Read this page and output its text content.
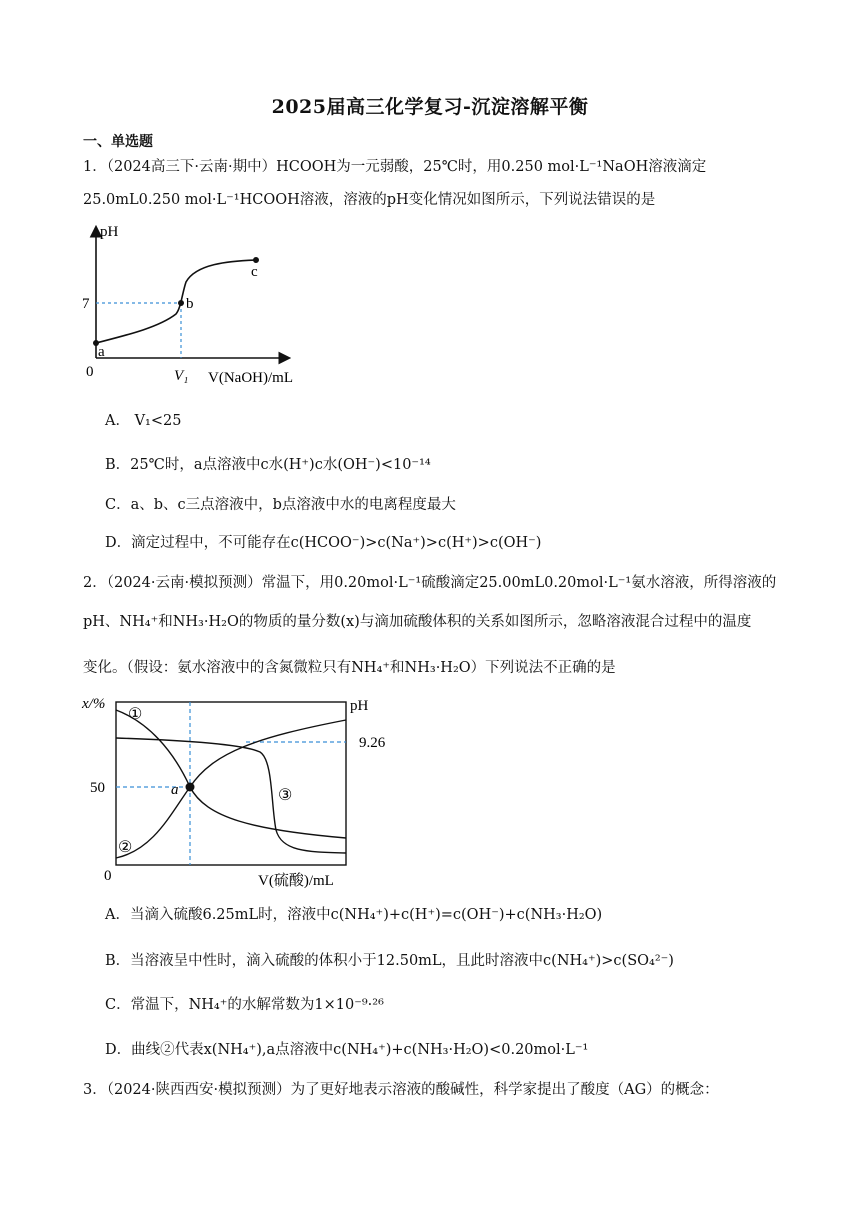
2025届高三化学复习-沉淀溶解平衡
一、单选题
1．（2024高三下·云南·期中）HCOOH为一元弱酸，25℃时，用0.250 mol·L⁻¹NaOH溶液滴定
25.0mL0.250 mol·L⁻¹HCOOH溶液，溶液的pH变化情况如图所示，下列说法错误的是
pH
7
0	V₁ V(NaOH)/mL
a
b
c
A． V₁<25
B．25℃时，a点溶液中c水(H⁺)c水(OH⁻)<10⁻¹⁴
C．a、b、c三点溶液中，b点溶液中水的电离程度最大
D．滴定过程中，不可能存在c(HCOO⁻)>c(Na⁺)>c(H⁺)>c(OH⁻)
2．（2024·云南·模拟预测）常温下，用0.20mol·L⁻¹硫酸滴定25.00mL0.20mol·L⁻¹氨水溶液，所得溶液的
pH、NH₄⁺和NH₃·H₂O的物质的量分数(x)与滴加硫酸体积的关系如图所示，忽略溶液混合过程中的温度
变化。（假设：氨水溶液中的含氮微粒只有NH₄⁺和NH₃·H₂O）下列说法不正确的是
x/%	pH
50
9.26
0	V(硫酸)/mL
a
①
②
③
A．当滴入硫酸6.25mL时，溶液中c(NH₄⁺)+c(H⁺)=c(OH⁻)+c(NH₃·H₂O)
B．当溶液呈中性时，滴入硫酸的体积小于12.50mL，且此时溶液中c(NH₄⁺)>c(SO₄²⁻)
C．常温下，NH₄⁺的水解常数为1×10⁻⁹·²⁶
D．曲线②代表x(NH₄⁺),a点溶液中c(NH₄⁺)+c(NH₃·H₂O)<0.20mol·L⁻¹
3．（2024·陕西西安·模拟预测）为了更好地表示溶液的酸碱性，科学家提出了酸度（AG）的概念：
